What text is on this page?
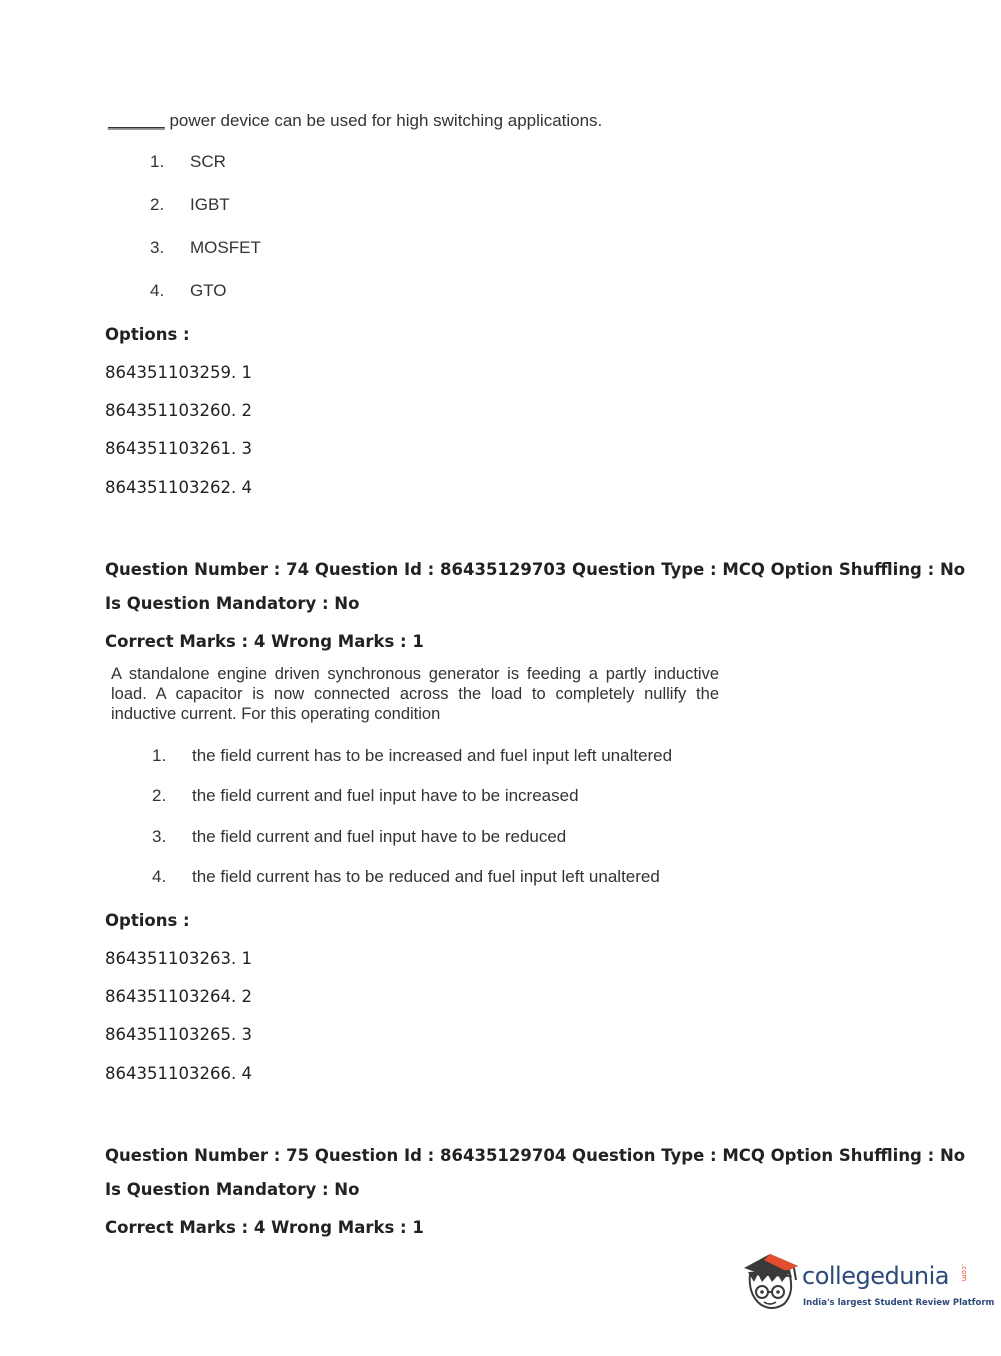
______ power device can be used for high switching applications.
1. SCR
2. IGBT
3. MOSFET
4. GTO
Options :
864351103259. 1
864351103260. 2
864351103261. 3
864351103262. 4
Question Number : 74 Question Id : 86435129703 Question Type : MCQ Option Shuffling : No
Is Question Mandatory : No
Correct Marks : 4 Wrong Marks : 1
A standalone engine driven synchronous generator is feeding a partly inductive load. A capacitor is now connected across the load to completely nullify the inductive current. For this operating condition
1. the field current has to be increased and fuel input left unaltered
2. the field current and fuel input have to be increased
3. the field current and fuel input have to be reduced
4. the field current has to be reduced and fuel input left unaltered
Options :
864351103263. 1
864351103264. 2
864351103265. 3
864351103266. 4
Question Number : 75 Question Id : 86435129704 Question Type : MCQ Option Shuffling : No
Is Question Mandatory : No
Correct Marks : 4 Wrong Marks : 1
collegedunia .com
India's largest Student Review Platform
